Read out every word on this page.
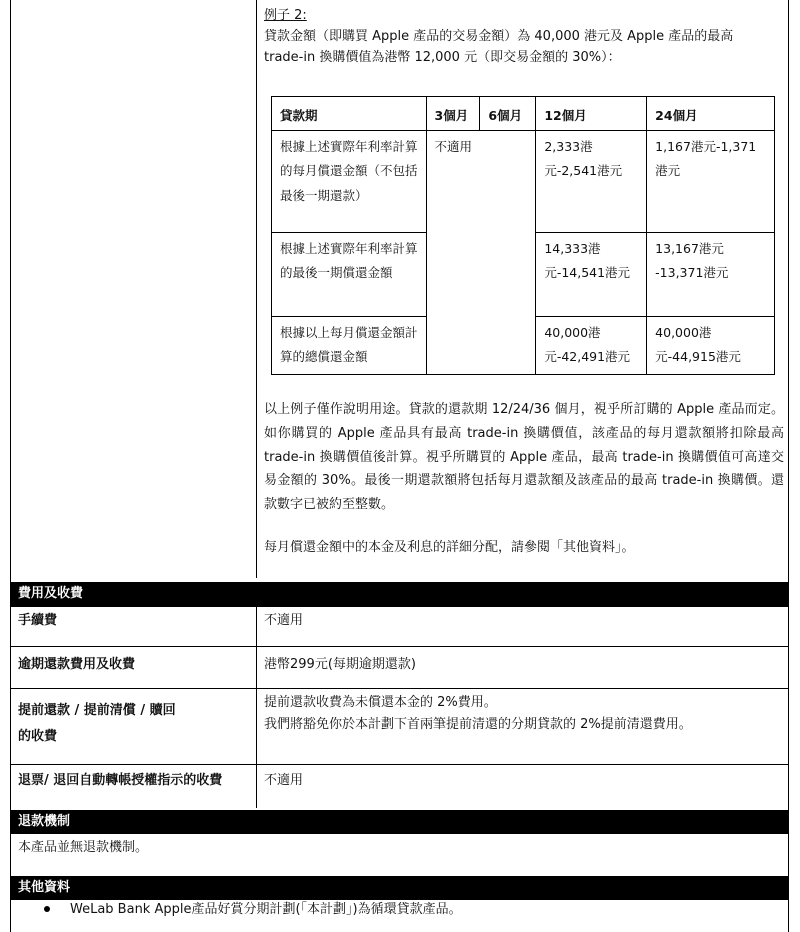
例子 2:
貸款金額（即購買 Apple 產品的交易金額）為 40,000 港元及 Apple 產品的最高
trade-in 換購價值為港幣 12,000 元（即交易金額的 30%）：
貸款期	3個月	6個月	12個月	24個月
根據上述實際年利率計算的每月償還金額（不包括最後一期還款）	不適用		2,333港元-2,541港元	1,167港元-1,371港元
根據上述實際年利率計算的最後一期償還金額			14,333港元-14,541港元	13,167港元 -13,371港元
根據以上每月償還金額計算的總償還金額			40,000港元-42,491港元	40,000港元-44,915港元
以上例子僅作說明用途。貸款的還款期 12/24/36 個月，視乎所訂購的 Apple 產品而定。如你購買的 Apple 產品具有最高 trade-in 換購價值，該產品的每月還款額將扣除最高 trade-in 換購價值後計算。視乎所購買的 Apple 產品，最高 trade-in 換購價值可高達交易金額的 30%。最後一期還款額將包括每月還款額及該產品的最高 trade-in 換購價。還款數字已被約至整數。
每月償還金額中的本金及利息的詳細分配，請參閱「其他資料」。
費用及收費
手續費	不適用
逾期還款費用及收費	港幣299元(每期逾期還款)
提前還款 / 提前清償 / 贖回
的收費
提前還款收費為未償還本金的 2%費用。
我們將豁免你於本計劃下首兩筆提前清還的分期貸款的 2%提前清還費用。
退票/ 退回自動轉帳授權指示的收費	不適用
退款機制
本產品並無退款機制。
其他資料
WeLab Bank Apple產品好賞分期計劃(「本計劃」)為循環貸款產品。
